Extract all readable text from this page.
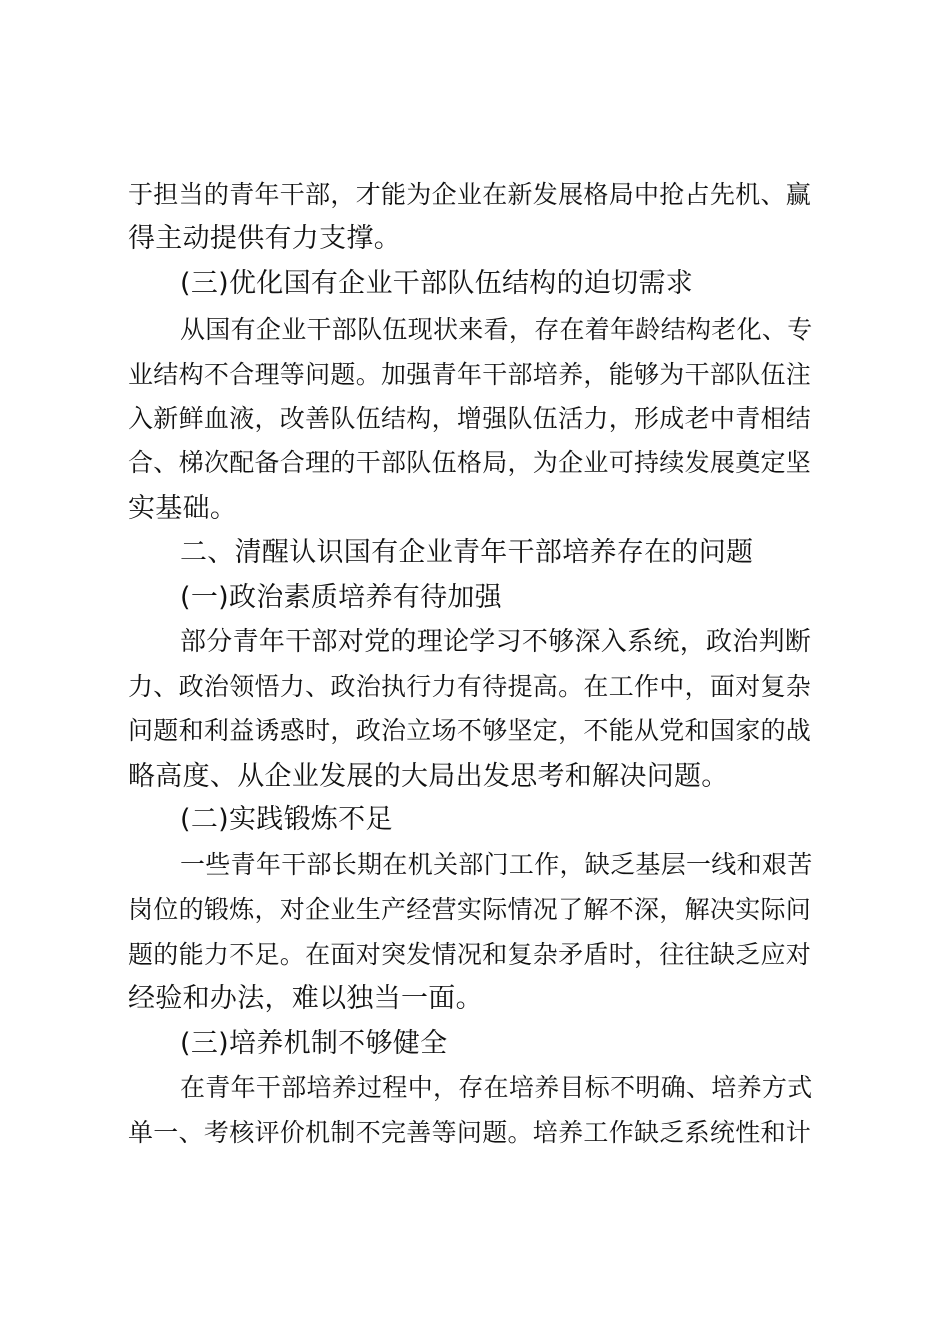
于担当的青年干部，才能为企业在新发展格局中抢占先机、赢
得主动提供有力支撑。
(三)优化国有企业干部队伍结构的迫切需求
从国有企业干部队伍现状来看，存在着年龄结构老化、专
业结构不合理等问题。加强青年干部培养，能够为干部队伍注
入新鲜血液，改善队伍结构，增强队伍活力，形成老中青相结
合、梯次配备合理的干部队伍格局，为企业可持续发展奠定坚
实基础。
二、清醒认识国有企业青年干部培养存在的问题
(一)政治素质培养有待加强
部分青年干部对党的理论学习不够深入系统，政治判断
力、政治领悟力、政治执行力有待提高。在工作中，面对复杂
问题和利益诱惑时，政治立场不够坚定，不能从党和国家的战
略高度、从企业发展的大局出发思考和解决问题。
(二)实践锻炼不足
一些青年干部长期在机关部门工作，缺乏基层一线和艰苦
岗位的锻炼，对企业生产经营实际情况了解不深，解决实际问
题的能力不足。在面对突发情况和复杂矛盾时，往往缺乏应对
经验和办法，难以独当一面。
(三)培养机制不够健全
在青年干部培养过程中，存在培养目标不明确、培养方式
单一、考核评价机制不完善等问题。培养工作缺乏系统性和计
